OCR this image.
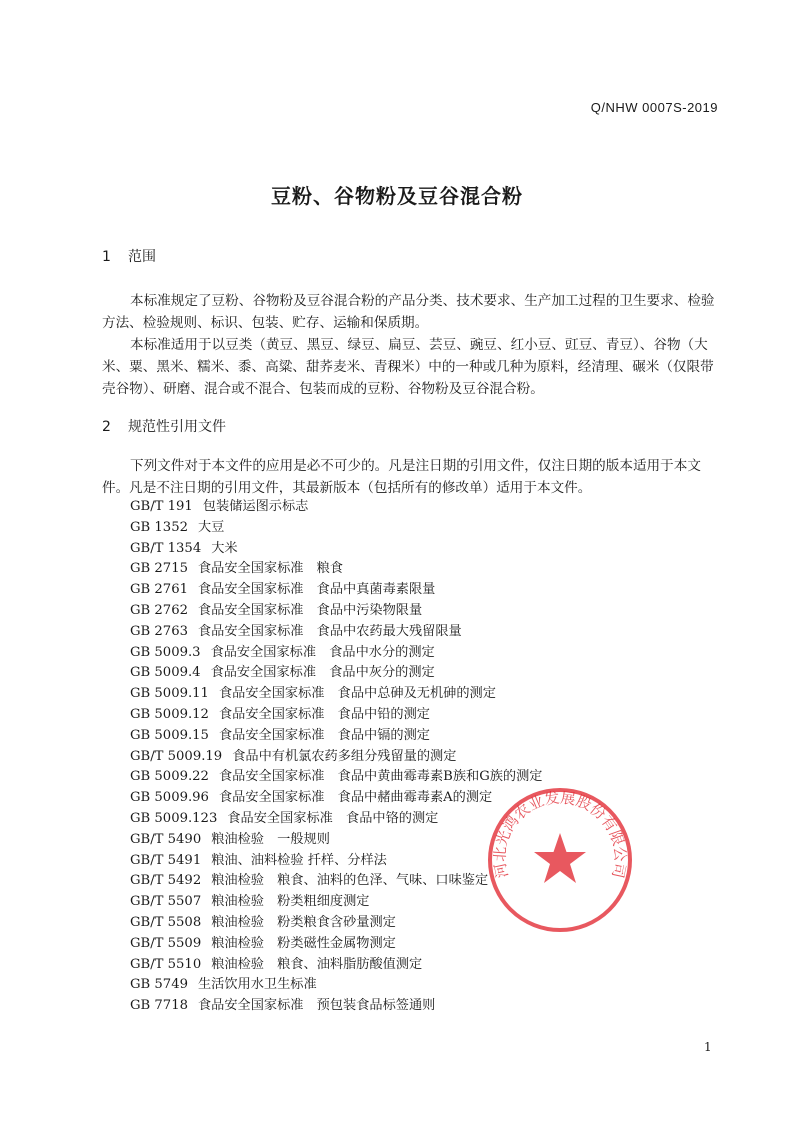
Q/NHW 0007S-2019
豆粉、谷物粉及豆谷混合粉
1 范围
本标准规定了豆粉、谷物粉及豆谷混合粉的产品分类、技术要求、生产加工过程的卫生要求、检验方法、检验规则、标识、包装、贮存、运输和保质期。
本标准适用于以豆类（黄豆、黑豆、绿豆、扁豆、芸豆、豌豆、红小豆、豇豆、青豆）、谷物（大米、粟、黑米、糯米、黍、高粱、甜荞麦米、青稞米）中的一种或几种为原料，经清理、碾米（仅限带壳谷物）、研磨、混合或不混合、包装而成的豆粉、谷物粉及豆谷混合粉。
2 规范性引用文件
下列文件对于本文件的应用是必不可少的。凡是注日期的引用文件，仅注日期的版本适用于本文件。凡是不注日期的引用文件，其最新版本（包括所有的修改单）适用于本文件。
GB/T 191 包装储运图示标志
GB 1352 大豆
GB/T 1354 大米
GB 2715 食品安全国家标准　粮食
GB 2761 食品安全国家标准　食品中真菌毒素限量
GB 2762 食品安全国家标准　食品中污染物限量
GB 2763 食品安全国家标准　食品中农药最大残留限量
GB 5009.3 食品安全国家标准　食品中水分的测定
GB 5009.4 食品安全国家标准　食品中灰分的测定
GB 5009.11 食品安全国家标准　食品中总砷及无机砷的测定
GB 5009.12 食品安全国家标准　食品中铅的测定
GB 5009.15 食品安全国家标准　食品中镉的测定
GB/T 5009.19 食品中有机氯农药多组分残留量的测定
GB 5009.22 食品安全国家标准　食品中黄曲霉毒素B族和G族的测定
GB 5009.96 食品安全国家标准　食品中赭曲霉毒素A的测定
GB 5009.123 食品安全国家标准　食品中铬的测定
GB/T 5490 粮油检验　一般规则
GB/T 5491 粮油、油料检验 扦样、分样法
GB/T 5492 粮油检验　粮食、油料的色泽、气味、口味鉴定
GB/T 5507 粮油检验　粉类粗细度测定
GB/T 5508 粮油检验　粉类粮食含砂量测定
GB/T 5509 粮油检验　粉类磁性金属物测定
GB/T 5510 粮油检验　粮食、油料脂肪酸值测定
GB 5749 生活饮用水卫生标准
GB 7718 食品安全国家标准　预包装食品标签通则
河北光鸿农业发展股份有限公司
1
